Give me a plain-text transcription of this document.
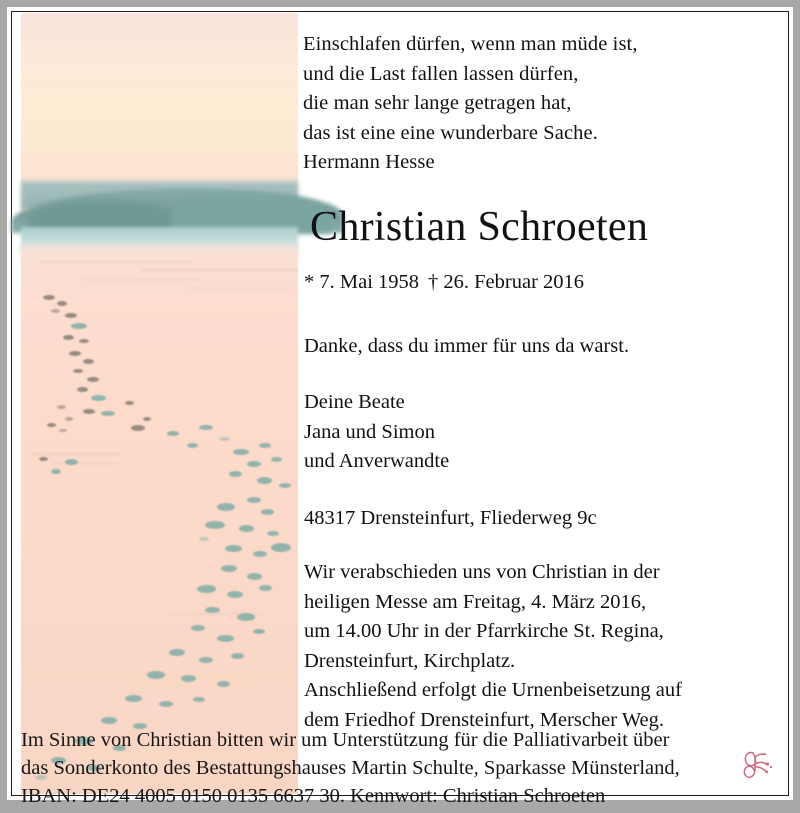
Einschlafen dürfen, wenn man müde ist,
und die Last fallen lassen dürfen,
die man sehr lange getragen hat,
das ist eine eine wunderbare Sache.
Hermann Hesse
Christian Schroeten
* 7. Mai 1958 † 26. Februar 2016
Danke, dass du immer für uns da warst.
Deine Beate
Jana und Simon
und Anverwandte
48317 Drensteinfurt, Fliederweg 9c
Wir verabschieden uns von Christian in der
heiligen Messe am Freitag, 4. März 2016,
um 14.00 Uhr in der Pfarrkirche St. Regina,
Drensteinfurt, Kirchplatz.
Anschließend erfolgt die Urnenbeisetzung auf
dem Friedhof Drensteinfurt, Merscher Weg.
Im Sinne von Christian bitten wir um Unterstützung für die Palliativarbeit über
das Sonderkonto des Bestattungshauses Martin Schulte, Sparkasse Münsterland,
IBAN: DE24 4005 0150 0135 6637 30. Kennwort: Christian Schroeten
